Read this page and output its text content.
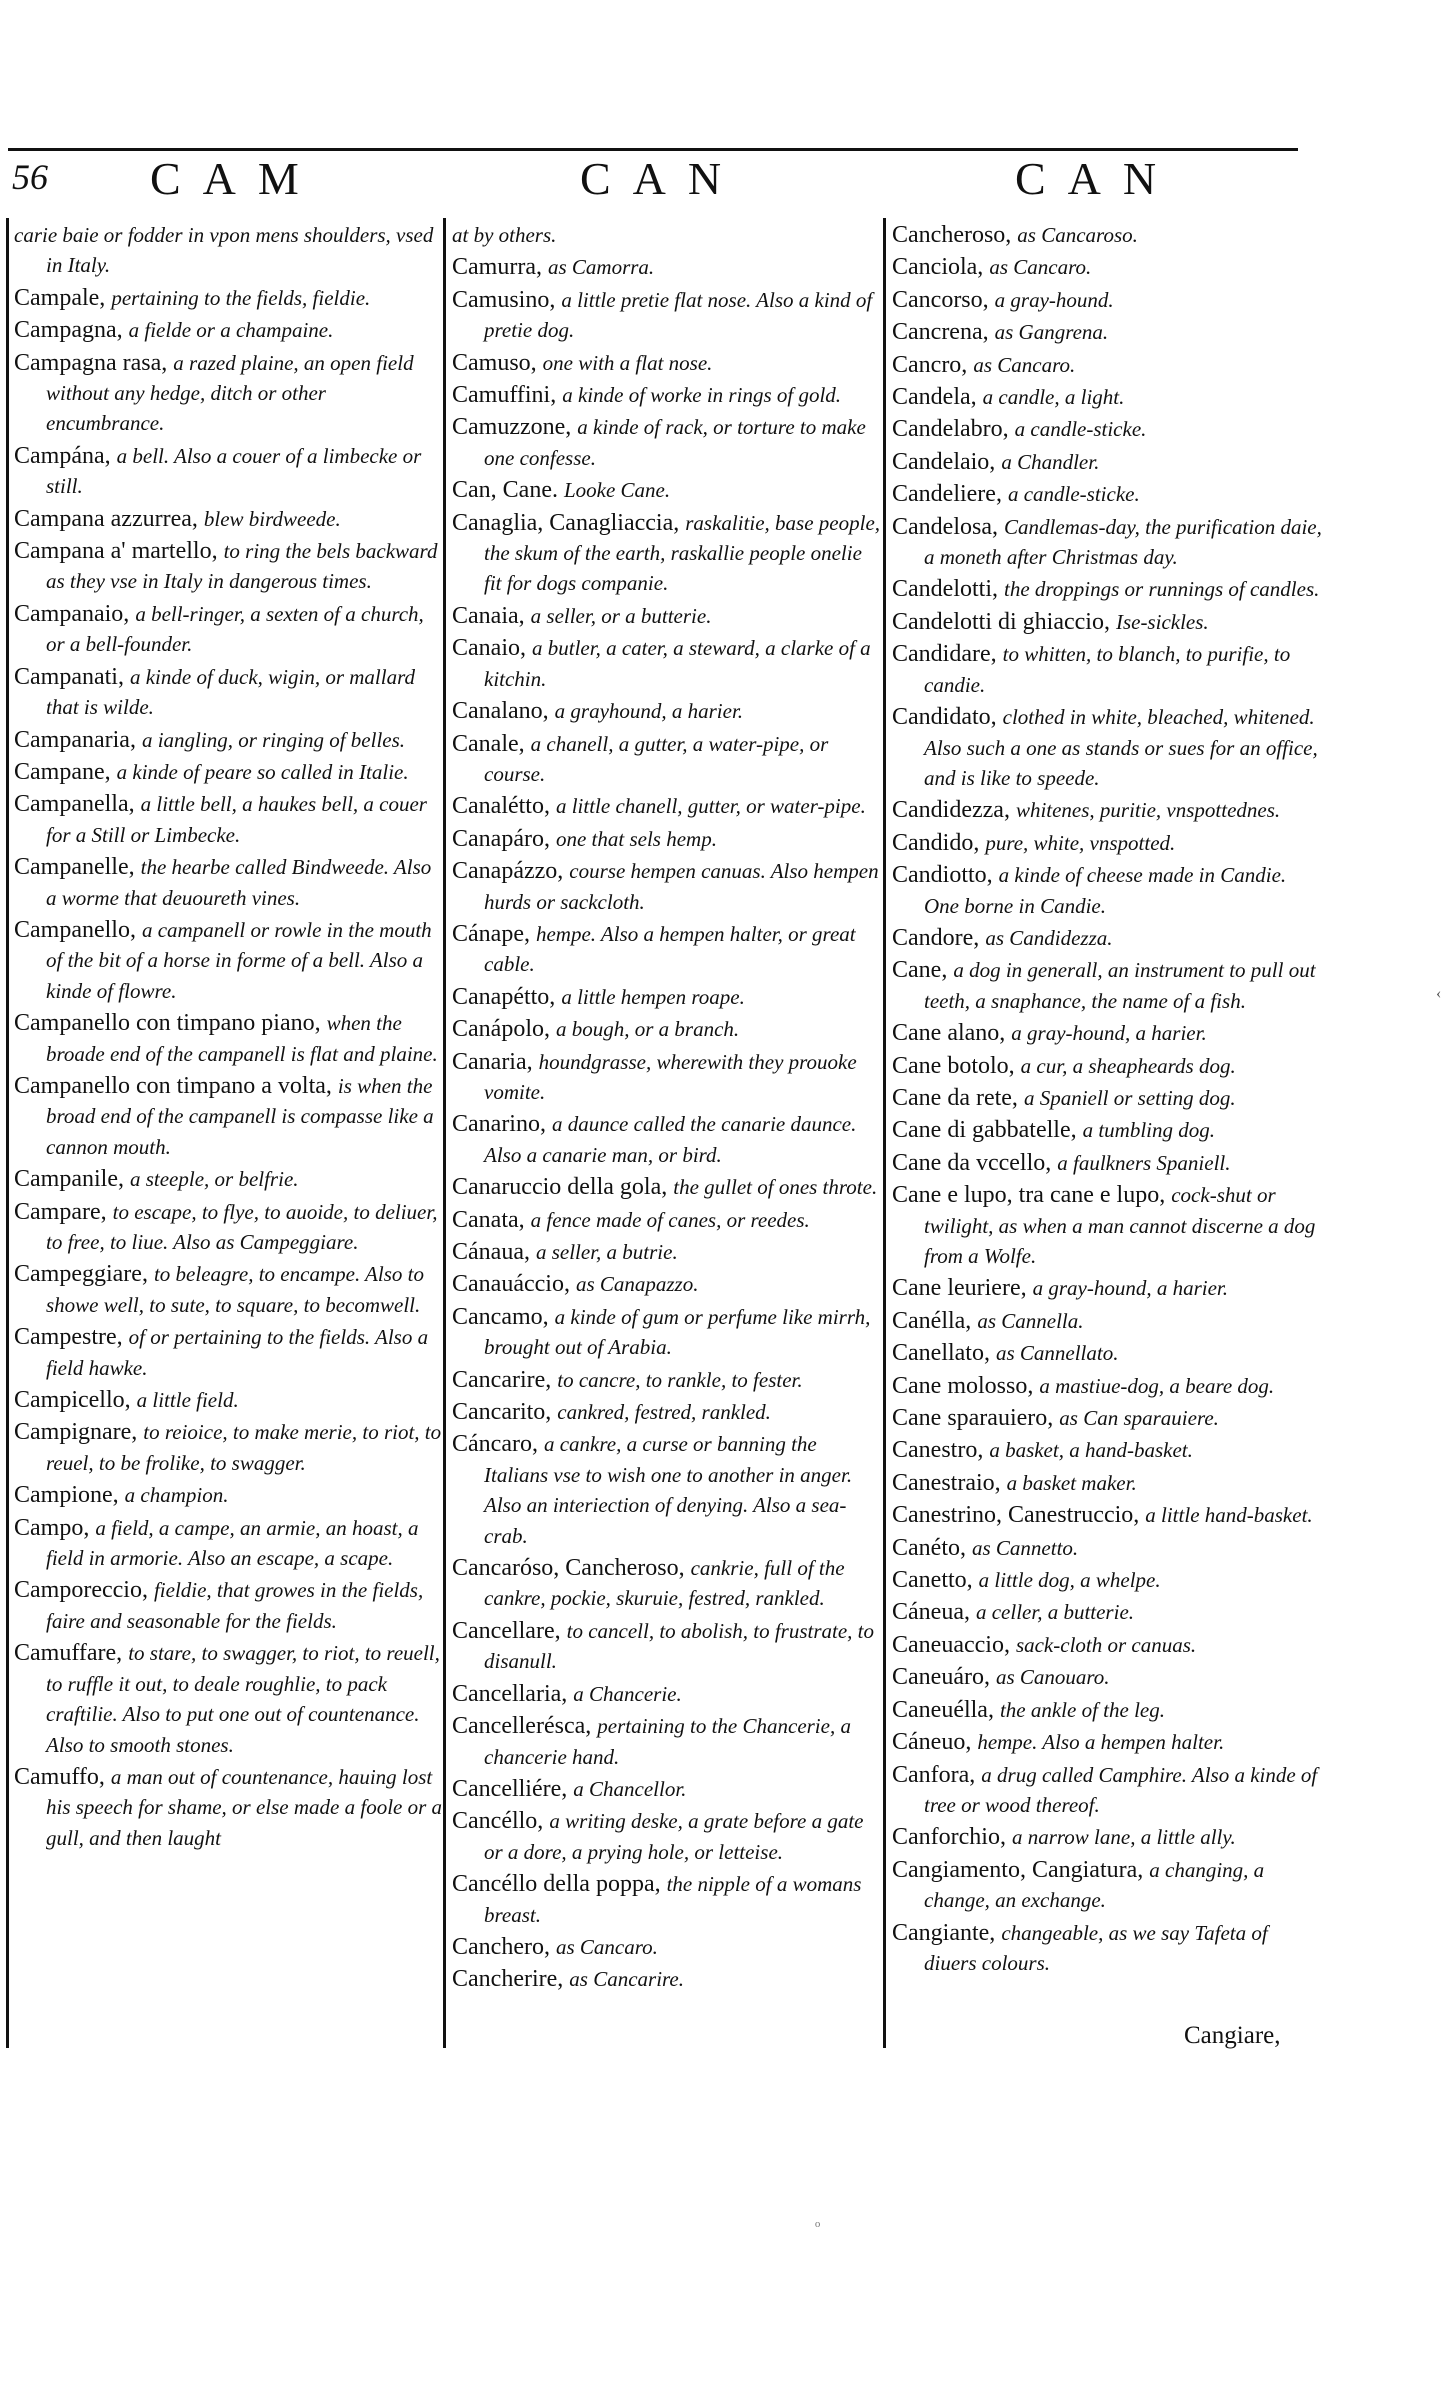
56 CAM	CAN	CAN
carie baie or fodder in vpon mens shoulders, vsed in Italy.
Campale, pertaining to the fields, fieldie.
Campagna, a fielde or a champaine.
Campagna rasa, a razed plaine, an open field without any hedge, ditch or other encumbrance.
Campána, a bell. Also a couer of a limbecke or still.
Campana azzurrea, blew birdweede.
Campana a' martello, to ring the bels backward as they vse in Italy in dangerous times.
Campanaio, a bell-ringer, a sexten of a church, or a bell-founder.
Campanati, a kinde of duck, wigin, or mallard that is wilde.
Campanaria, a iangling, or ringing of belles.
Campane, a kinde of peare so called in Italie.
Campanella, a little bell, a haukes bell, a couer for a Still or Limbecke.
Campanelle, the hearbe called Bindweede. Also a worme that deuoureth vines.
Campanello, a campanell or rowle in the mouth of the bit of a horse in forme of a bell. Also a kinde of flowre.
Campanello con timpano piano, when the broade end of the campanell is flat and plaine.
Campanello con timpano a volta, is when the broad end of the campanell is compasse like a cannon mouth.
Campanile, a steeple, or belfrie.
Campare, to escape, to flye, to auoide, to deliuer, to free, to liue. Also as Campeggiare.
Campeggiare, to beleagre, to encampe. Also to showe well, to sute, to square, to becomwell.
Campestre, of or pertaining to the fields. Also a field hawke.
Campicello, a little field.
Campignare, to reioice, to make merie, to riot, to reuel, to be frolike, to swagger.
Campione, a champion.
Campo, a field, a campe, an armie, an hoast, a field in armorie. Also an escape, a scape.
Camporeccio, fieldie, that growes in the fields, faire and seasonable for the fields.
Camuffare, to stare, to swagger, to riot, to reuell, to ruffle it out, to deale roughlie, to pack craftilie. Also to put one out of countenance. Also to smooth stones.
Camuffo, a man out of countenance, hauing lost his speech for shame, or else made a foole or a gull, and then laught
at by others.
Camurra, as Camorra.
Camusino, a little pretie flat nose. Also a kind of pretie dog.
Camuso, one with a flat nose.
Camuffini, a kinde of worke in rings of gold.
Camuzzone, a kinde of rack, or torture to make one confesse.
Can, Cane. Looke Cane.
Canaglia, Canagliaccia, raskalitie, base people, the skum of the earth, raskallie people onelie fit for dogs companie.
Canaia, a seller, or a butterie.
Canaio, a butler, a cater, a steward, a clarke of a kitchin.
Canalano, a grayhound, a harier.
Canale, a chanell, a gutter, a water-pipe, or course.
Canalétto, a little chanell, gutter, or water-pipe.
Canapáro, one that sels hemp.
Canapázzo, course hempen canuas. Also hempen hurds or sackcloth.
Cánape, hempe. Also a hempen halter, or great cable.
Canapétto, a little hempen roape.
Canápolo, a bough, or a branch.
Canaria, houndgrasse, wherewith they prouoke vomite.
Canarino, a daunce called the canarie daunce. Also a canarie man, or bird.
Canaruccio della gola, the gullet of ones throte.
Canata, a fence made of canes, or reedes.
Cánaua, a seller, a butrie.
Canauáccio, as Canapazzo.
Cancamo, a kinde of gum or perfume like mirrh, brought out of Arabia.
Cancarire, to cancre, to rankle, to fester.
Cancarito, cankred, festred, rankled.
Cáncaro, a cankre, a curse or banning the Italians vse to wish one to another in anger. Also an interiection of denying. Also a sea-crab.
Cancaróso, Cancheroso, cankrie, full of the cankre, pockie, skuruie, festred, rankled.
Cancellare, to cancell, to abolish, to frustrate, to disanull.
Cancellaria, a Chancerie.
Cancellerésca, pertaining to the Chancerie, a chancerie hand.
Cancelliére, a Chancellor.
Cancéllo, a writing deske, a grate before a gate or a dore, a prying hole, or letteise.
Cancéllo della poppa, the nipple of a womans breast.
Canchero, as Cancaro.
Cancherire, as Cancarire.
Cancheroso, as Cancaroso.
Canciola, as Cancaro.
Cancorso, a gray-hound.
Cancrena, as Gangrena.
Cancro, as Cancaro.
Candela, a candle, a light.
Candelabro, a candle-sticke.
Candelaio, a Chandler.
Candeliere, a candle-sticke.
Candelosa, Candlemas-day, the purification daie, a moneth after Christmas day.
Candelotti, the droppings or runnings of candles.
Candelotti di ghiaccio, Ise-sickles.
Candidare, to whitten, to blanch, to purifie, to candie.
Candidato, clothed in white, bleached, whitened. Also such a one as stands or sues for an office, and is like to speede.
Candidezza, whitenes, puritie, vnspottednes.
Candido, pure, white, vnspotted.
Candiotto, a kinde of cheese made in Candie. One borne in Candie.
Candore, as Candidezza.
Cane, a dog in generall, an instrument to pull out teeth, a snaphance, the name of a fish.
Cane alano, a gray-hound, a harier.
Cane botolo, a cur, a sheapheards dog.
Cane da rete, a Spaniell or setting dog.
Cane di gabbatelle, a tumbling dog.
Cane da vccello, a faulkners Spaniell.
Cane e lupo, tra cane e lupo, cock-shut or twilight, as when a man cannot discerne a dog from a Wolfe.
Cane leuriere, a gray-hound, a harier.
Canélla, as Cannella.
Canellato, as Cannellato.
Cane molosso, a mastiue-dog, a beare dog.
Cane sparauiero, as Can sparauiere.
Canestro, a basket, a hand-basket.
Canestraio, a basket maker.
Canestrino, Canestruccio, a little hand-basket.
Canéto, as Cannetto.
Canetto, a little dog, a whelpe.
Cáneua, a celler, a butterie.
Caneuaccio, sack-cloth or canuas.
Caneuáro, as Canouaro.
Caneuélla, the ankle of the leg.
Cáneuo, hempe. Also a hempen halter.
Canfora, a drug called Camphire. Also a kinde of tree or wood thereof.
Canforchio, a narrow lane, a little ally.
Cangiamento, Cangiatura, a changing, a change, an exchange.
Cangiante, changeable, as we say Tafeta of diuers colours.
Cangiare,
‹
ᵒ
